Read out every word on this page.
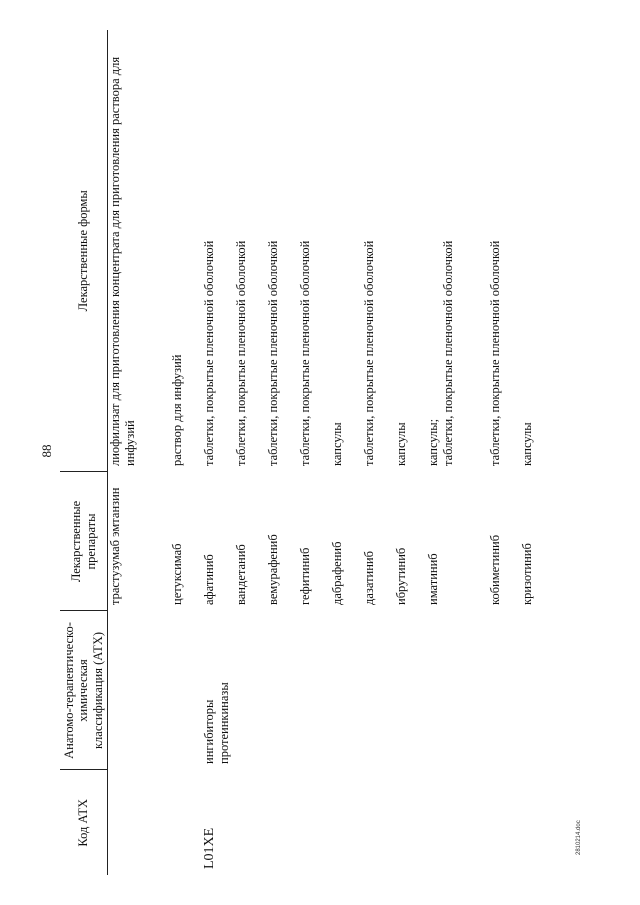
88
Код АТХ	Анатомо-терапевтическо-химическая классификация (АТХ)	Лекарственные препараты	Лекарственные формы
		трастузумаб эмтанзин	лиофилизат для приготовления концентрата для приготовления раствора для инфузий
		цетуксимаб	раствор для инфузий
L01XE	ингибиторы протеинкиназы	афатиниб	таблетки, покрытые пленочной оболочкой
		вандетаниб	таблетки, покрытые пленочной оболочкой
		вемурафениб	таблетки, покрытые пленочной оболочкой
		гефитиниб	таблетки, покрытые пленочной оболочкой
		дабрафениб	капсулы
		дазатиниб	таблетки, покрытые пленочной оболочкой
		ибрутиниб	капсулы
		иматиниб	капсулы;
таблетки, покрытые пленочной оболочкой
		кобиметиниб	таблетки, покрытые пленочной оболочкой
		кризотиниб	капсулы
2810214.doc
